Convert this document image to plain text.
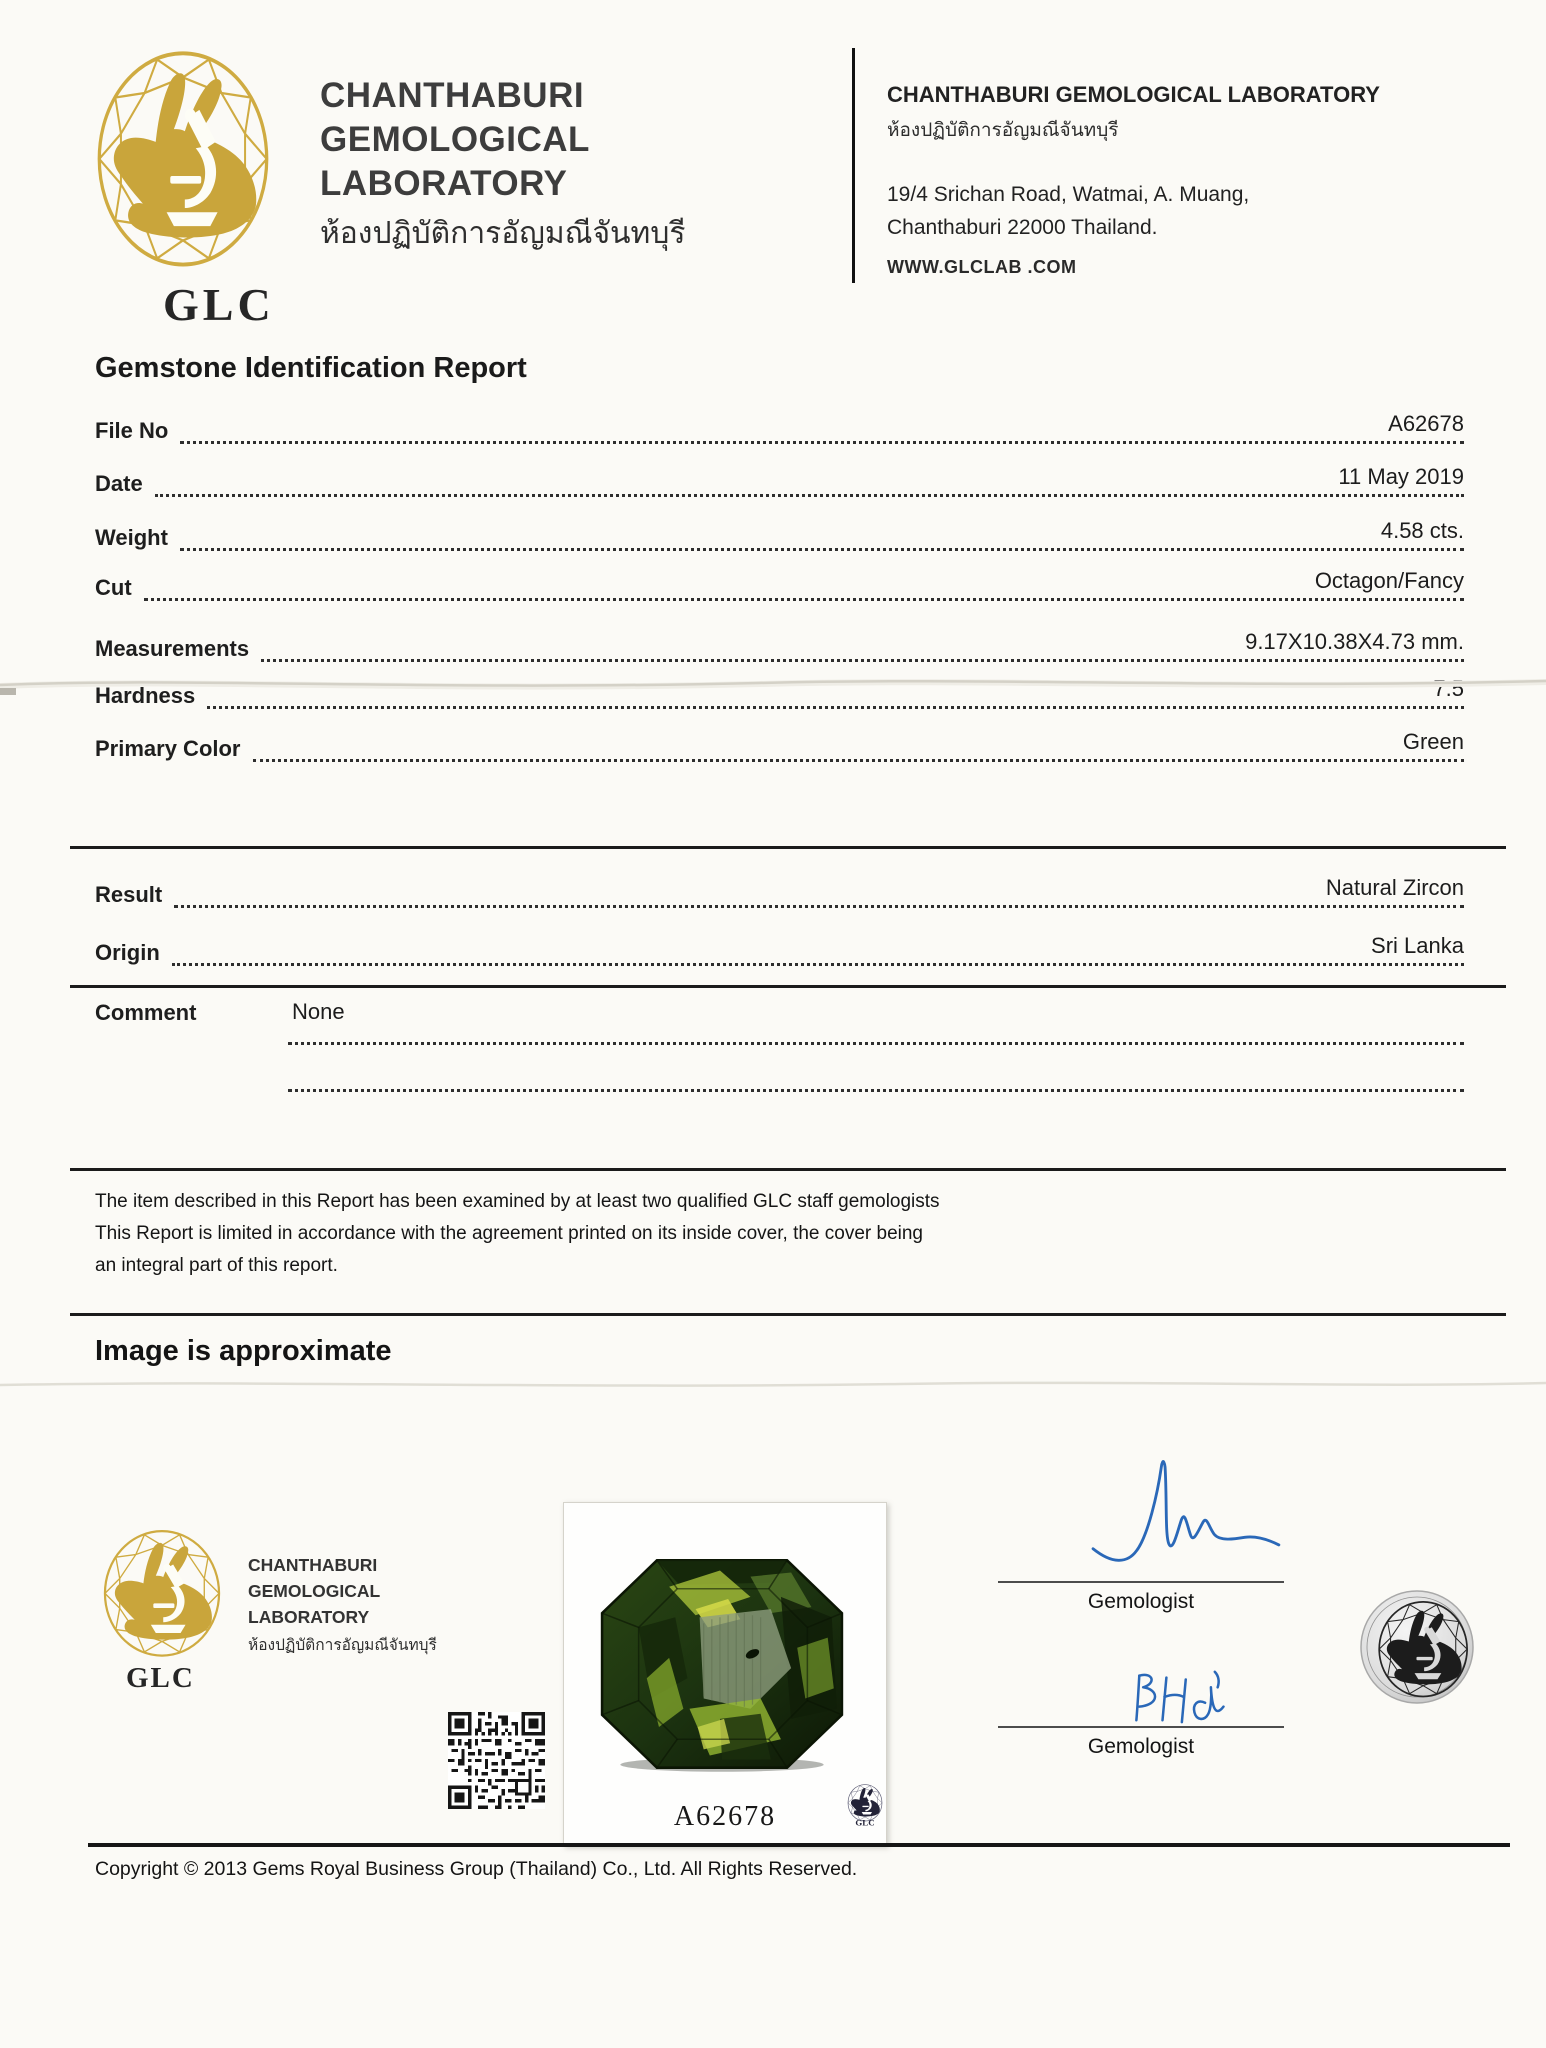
GLC
CHANTHABURI
GEMOLOGICAL
LABORATORY
ห้องปฏิบัติการอัญมณีจันทบุรี
CHANTHABURI GEMOLOGICAL LABORATORY
ห้องปฏิบัติการอัญมณีจันทบุรี
19/4 Srichan Road, Watmai, A. Muang,
Chanthaburi 22000 Thailand.
WWW.GLCLAB .COM
Gemstone Identification Report
File No	A62678
Date	11 May 2019
Weight	4.58 cts.
Cut	Octagon/Fancy
Measurements	9.17X10.38X4.73 mm.
Hardness	7.5
Primary Color	Green
Result	Natural Zircon
Origin	Sri Lanka
Comment	None
The item described in this Report has been examined by at least two qualified GLC staff gemologists
This Report is limited in accordance with the agreement printed on its inside cover, the cover being
an integral part of this report.
Image is approximate
GLC
CHANTHABURI
GEMOLOGICAL
LABORATORY
ห้องปฏิบัติการอัญมณีจันทบุรี
A62678	GLC
Gemologist
Gemologist
Copyright © 2013 Gems Royal Business Group (Thailand) Co., Ltd. All Rights Reserved.
